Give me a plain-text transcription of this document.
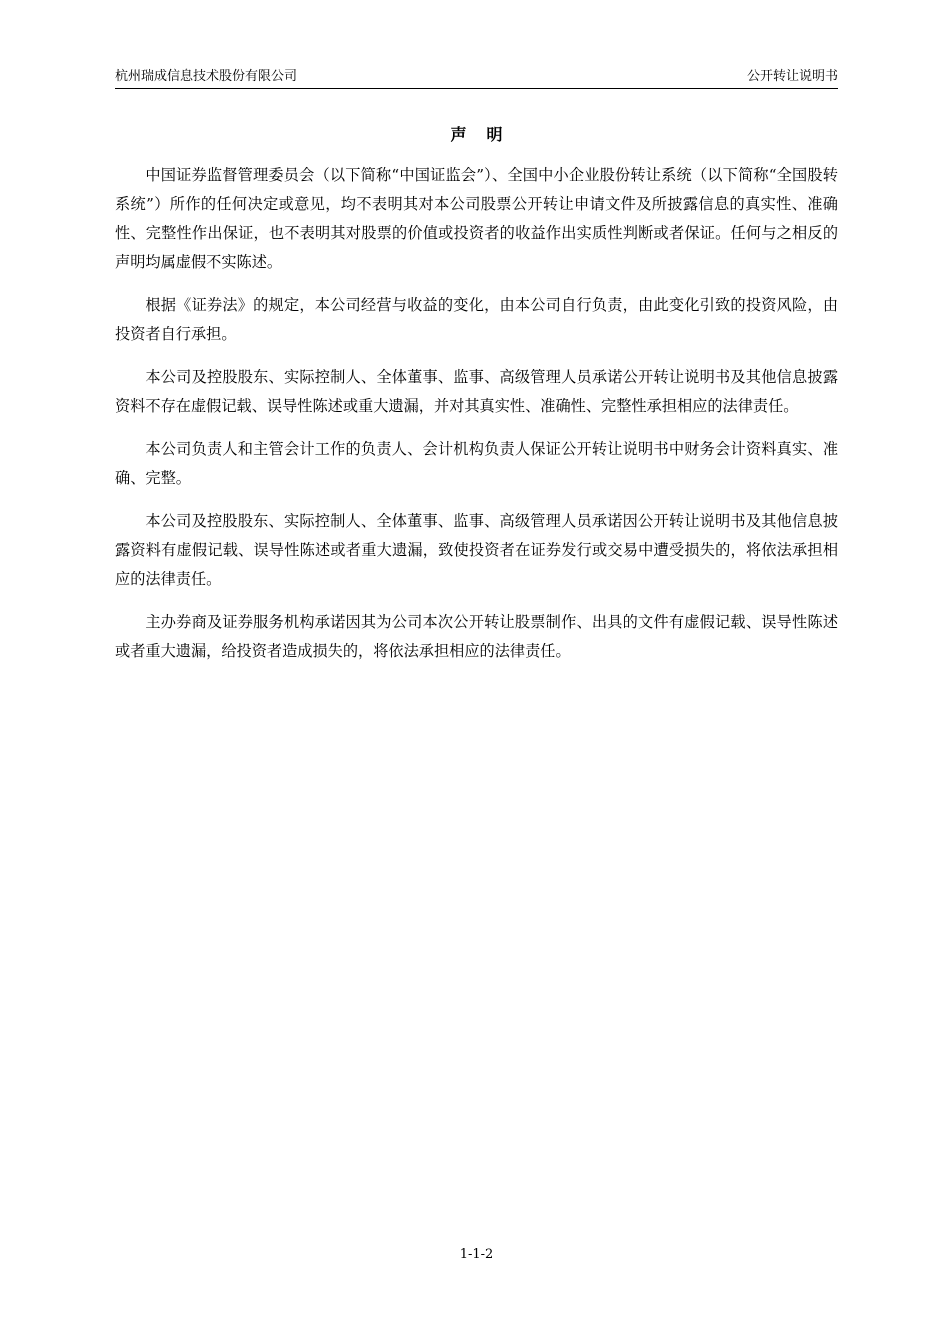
杭州瑞成信息技术股份有限公司	公开转让说明书
声明

中国证券监督管理委员会（以下简称“中国证监会”）、全国中小企业股份转让系统（以下简称“全国股转系统”）所作的任何决定或意见，均不表明其对本公司股票公开转让申请文件及所披露信息的真实性、准确性、完整性作出保证，也不表明其对股票的价值或投资者的收益作出实质性判断或者保证。任何与之相反的声明均属虚假不实陈述。

根据《证券法》的规定，本公司经营与收益的变化，由本公司自行负责，由此变化引致的投资风险，由投资者自行承担。

本公司及控股股东、实际控制人、全体董事、监事、高级管理人员承诺公开转让说明书及其他信息披露资料不存在虚假记载、误导性陈述或重大遗漏，并对其真实性、准确性、完整性承担相应的法律责任。

本公司负责人和主管会计工作的负责人、会计机构负责人保证公开转让说明书中财务会计资料真实、准确、完整。

本公司及控股股东、实际控制人、全体董事、监事、高级管理人员承诺因公开转让说明书及其他信息披露资料有虚假记载、误导性陈述或者重大遗漏，致使投资者在证券发行或交易中遭受损失的，将依法承担相应的法律责任。

主办券商及证券服务机构承诺因其为公司本次公开转让股票制作、出具的文件有虚假记载、误导性陈述或者重大遗漏，给投资者造成损失的，将依法承担相应的法律责任。

1-1-2
